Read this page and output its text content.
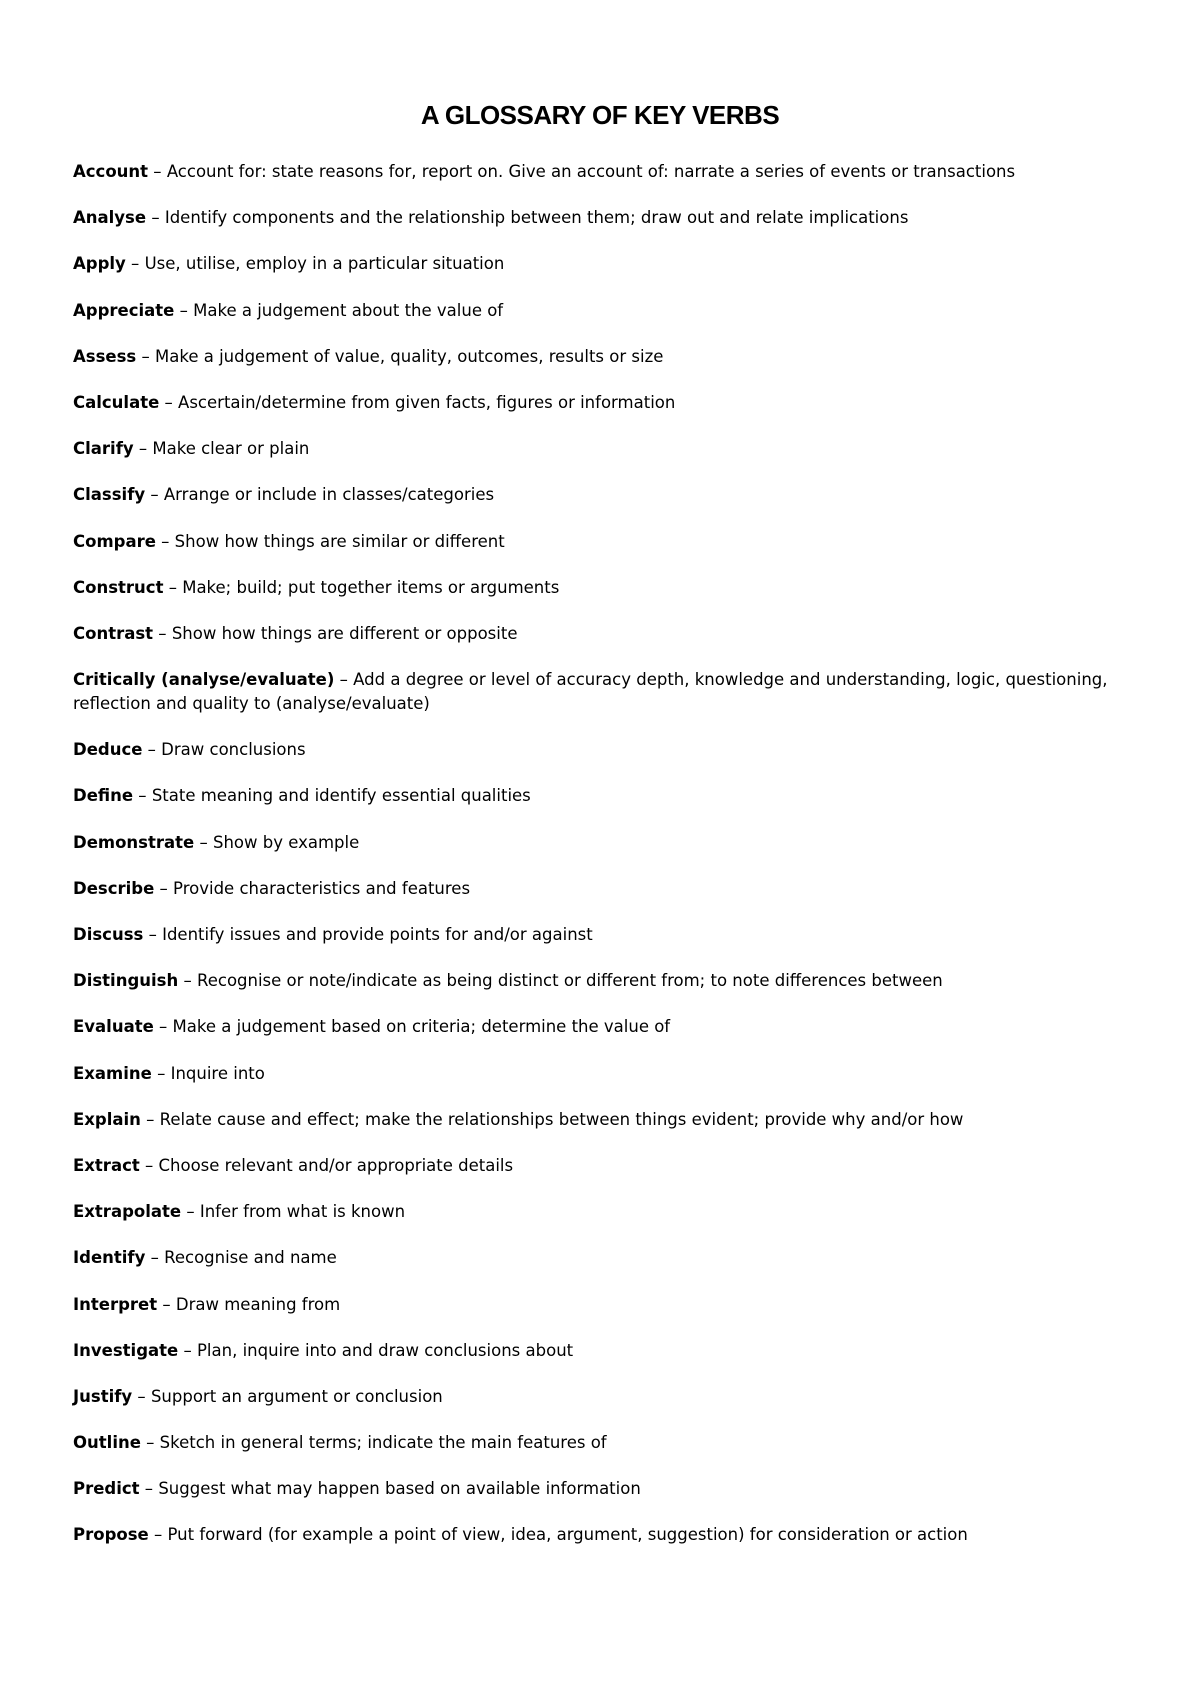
A GLOSSARY OF KEY VERBS

Account – Account for: state reasons for, report on. Give an account of: narrate a series of events or transactions

Analyse – Identify components and the relationship between them; draw out and relate implications

Apply – Use, utilise, employ in a particular situation

Appreciate – Make a judgement about the value of

Assess – Make a judgement of value, quality, outcomes, results or size

Calculate – Ascertain/determine from given facts, figures or information

Clarify – Make clear or plain

Classify – Arrange or include in classes/categories

Compare – Show how things are similar or different

Construct – Make; build; put together items or arguments

Contrast – Show how things are different or opposite

Critically (analyse/evaluate) – Add a degree or level of accuracy depth, knowledge and understanding, logic, questioning, reflection and quality to (analyse/evaluate)

Deduce – Draw conclusions

Define – State meaning and identify essential qualities

Demonstrate – Show by example

Describe – Provide characteristics and features

Discuss – Identify issues and provide points for and/or against

Distinguish – Recognise or note/indicate as being distinct or different from; to note differences between

Evaluate – Make a judgement based on criteria; determine the value of

Examine – Inquire into

Explain – Relate cause and effect; make the relationships between things evident; provide why and/or how

Extract – Choose relevant and/or appropriate details

Extrapolate – Infer from what is known

Identify – Recognise and name

Interpret – Draw meaning from

Investigate – Plan, inquire into and draw conclusions about

Justify – Support an argument or conclusion

Outline – Sketch in general terms; indicate the main features of

Predict – Suggest what may happen based on available information

Propose – Put forward (for example a point of view, idea, argument, suggestion) for consideration or action
